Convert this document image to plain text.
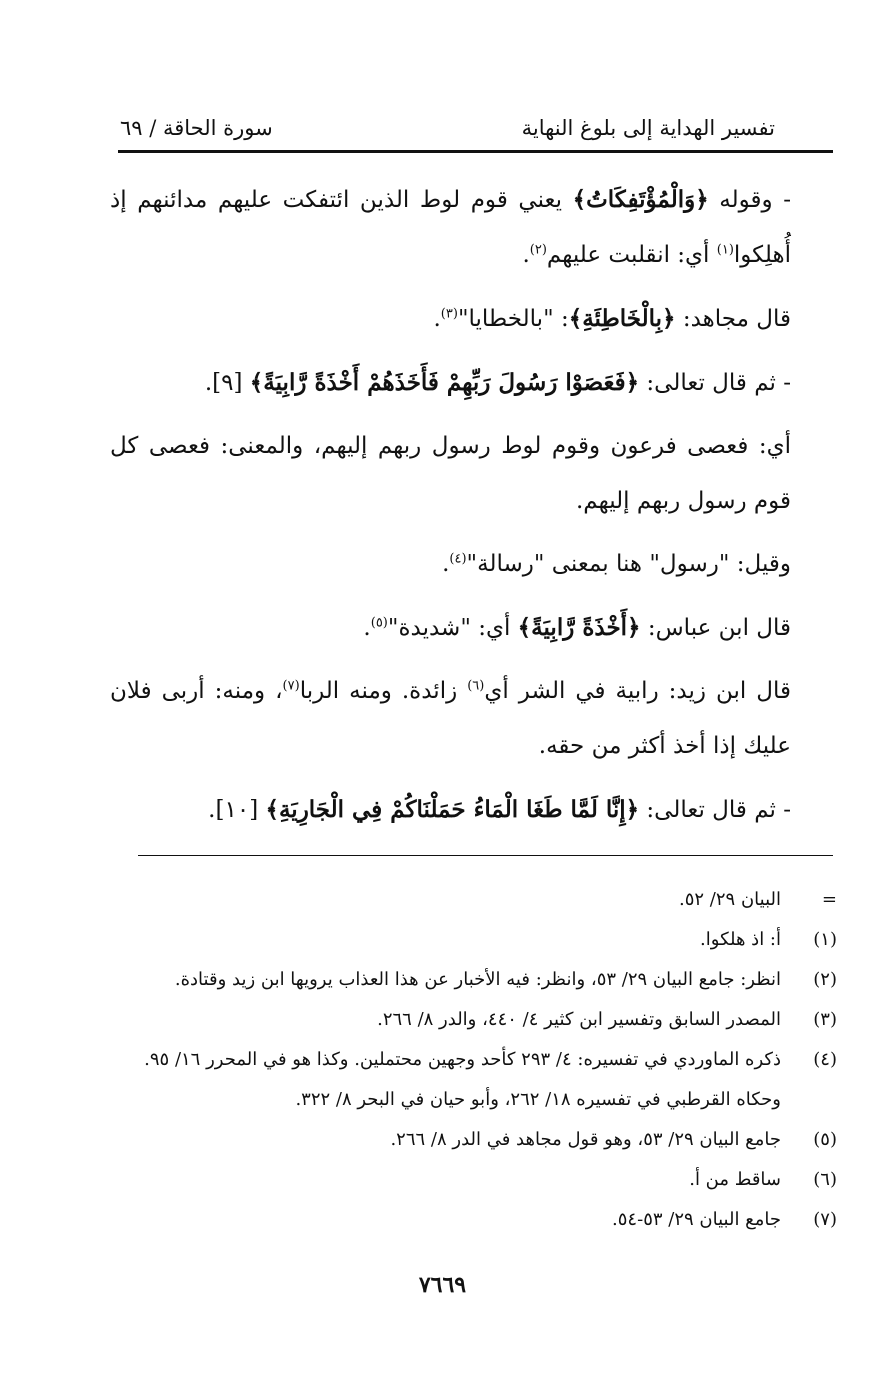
تفسير الهداية إلى بلوغ النهاية
سورة الحاقة / ٦٩

- وقوله ﴿وَالْمُؤْتَفِكَاتُ﴾ يعني قوم لوط الذين ائتفكت عليهم مدائنهم إذ أُهلِكوا$^{(١)}$ أي: انقلبت عليهم$^{(٢)}$.

قال مجاهد: ﴿بِالْخَاطِئَةِ﴾: "بالخطايا"$^{(٣)}$.

- ثم قال تعالى: ﴿فَعَصَوْا رَسُولَ رَبِّهِمْ فَأَخَذَهُمْ أَخْذَةً رَّابِيَةً﴾ [٩].

أي: فعصى فرعون وقوم لوط رسول ربهم إليهم، والمعنى: فعصى كل قوم رسول ربهم إليهم.

وقيل: "رسول" هنا بمعنى "رسالة"$^{(٤)}$.

قال ابن عباس: ﴿أَخْذَةً رَّابِيَةً﴾ أي: "شديدة"$^{(٥)}$.

قال ابن زيد: رابية في الشر أي$^{(٦)}$ زائدة. ومنه الربا$^{(٧)}$، ومنه: أربى فلان عليك إذا أخذ أكثر من حقه.

- ثم قال تعالى: ﴿إِنَّا لَمَّا طَغَا الْمَاءُ حَمَلْنَاكُمْ فِي الْجَارِيَةِ﴾ [١٠].

=
البيان ٢٩/ ٥٢.
(١)
أ: اذ هلكوا.
(٢)
انظر: جامع البيان ٢٩/ ٥٣، وانظر: فيه الأخبار عن هذا العذاب يرويها ابن زيد وقتادة.
(٣)
المصدر السابق وتفسير ابن كثير ٤/ ٤٤٠، والدر ٨/ ٢٦٦.
(٤)
ذكره الماوردي في تفسيره: ٤/ ٢٩٣ كأحد وجهين محتملين. وكذا هو في المحرر ١٦/ ٩٥. وحكاه القرطبي في تفسيره ١٨/ ٢٦٢، وأبو حيان في البحر ٨/ ٣٢٢.
(٥)
جامع البيان ٢٩/ ٥٣، وهو قول مجاهد في الدر ٨/ ٢٦٦.
(٦)
ساقط من أ.
(٧)
جامع البيان ٢٩/ ٥٣-٥٤.
٧٦٦٩
